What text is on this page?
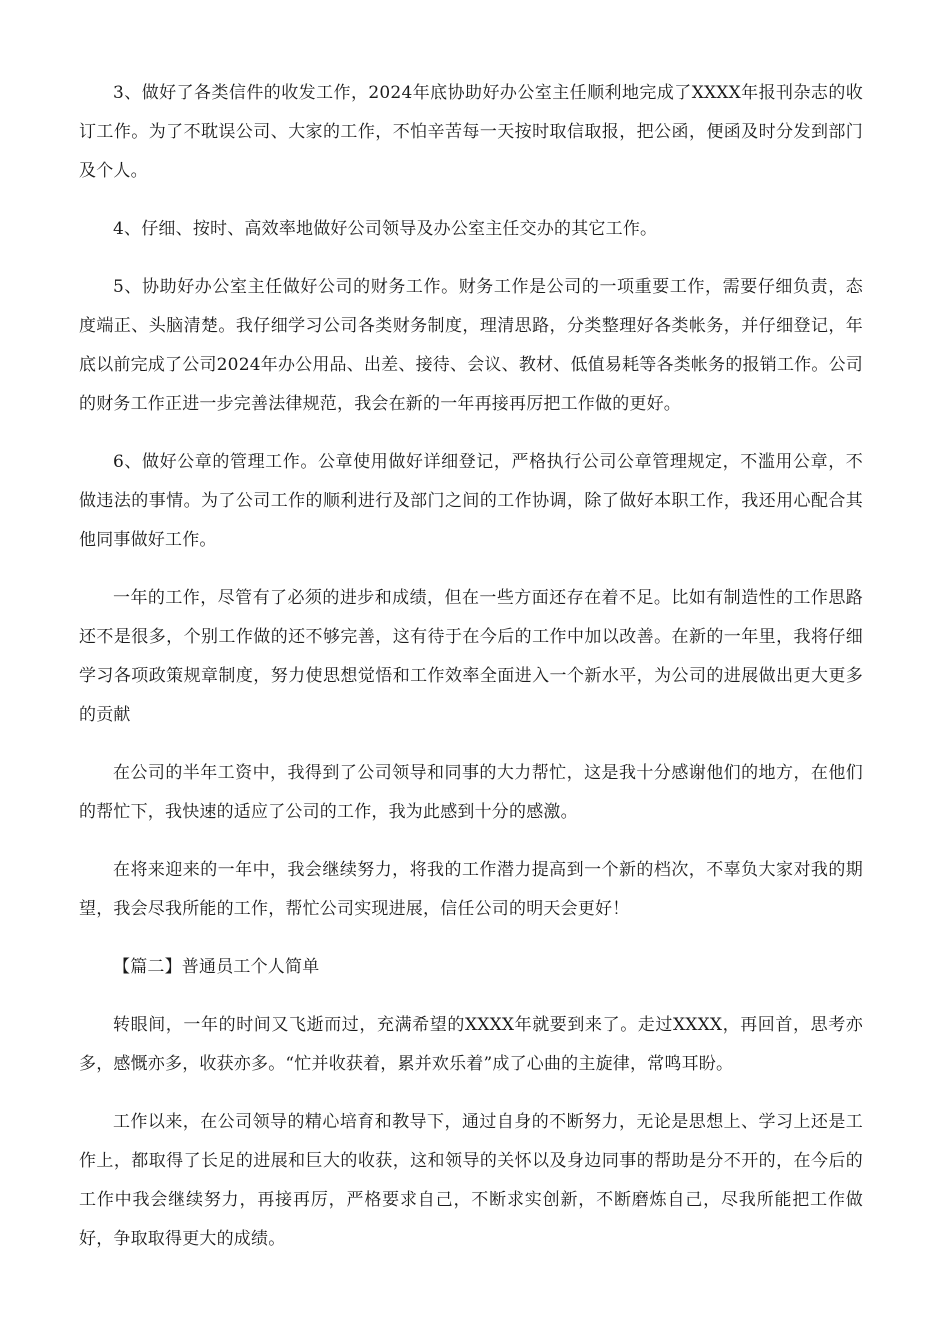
3、做好了各类信件的收发工作，2024年底协助好办公室主任顺利地完成了XXXX年报刊杂志的收订工作。为了不耽误公司、大家的工作，不怕辛苦每一天按时取信取报，把公函，便函及时分发到部门及个人。

4、仔细、按时、高效率地做好公司领导及办公室主任交办的其它工作。

5、协助好办公室主任做好公司的财务工作。财务工作是公司的一项重要工作，需要仔细负责，态度端正、头脑清楚。我仔细学习公司各类财务制度，理清思路，分类整理好各类帐务，并仔细登记，年底以前完成了公司2024年办公用品、出差、接待、会议、教材、低值易耗等各类帐务的报销工作。公司的财务工作正进一步完善法律规范，我会在新的一年再接再厉把工作做的更好。

6、做好公章的管理工作。公章使用做好详细登记，严格执行公司公章管理规定，不滥用公章，不做违法的事情。为了公司工作的顺利进行及部门之间的工作协调，除了做好本职工作，我还用心配合其他同事做好工作。

一年的工作，尽管有了必须的进步和成绩，但在一些方面还存在着不足。比如有制造性的工作思路还不是很多，个别工作做的还不够完善，这有待于在今后的工作中加以改善。在新的一年里，我将仔细学习各项政策规章制度，努力使思想觉悟和工作效率全面进入一个新水平，为公司的进展做出更大更多的贡献

在公司的半年工资中，我得到了公司领导和同事的大力帮忙，这是我十分感谢他们的地方，在他们的帮忙下，我快速的适应了公司的工作，我为此感到十分的感激。

在将来迎来的一年中，我会继续努力，将我的工作潜力提高到一个新的档次，不辜负大家对我的期望，我会尽我所能的工作，帮忙公司实现进展，信任公司的明天会更好！

【篇二】普通员工个人简单

转眼间，一年的时间又飞逝而过，充满希望的XXXX年就要到来了。走过XXXX，再回首，思考亦多，感慨亦多，收获亦多。“忙并收获着，累并欢乐着”成了心曲的主旋律，常鸣耳盼。

工作以来，在公司领导的精心培育和教导下，通过自身的不断努力，无论是思想上、学习上还是工作上，都取得了长足的进展和巨大的收获，这和领导的关怀以及身边同事的帮助是分不开的，在今后的工作中我会继续努力，再接再厉，严格要求自己，不断求实创新，不断磨炼自己，尽我所能把工作做好，争取取得更大的成绩。
